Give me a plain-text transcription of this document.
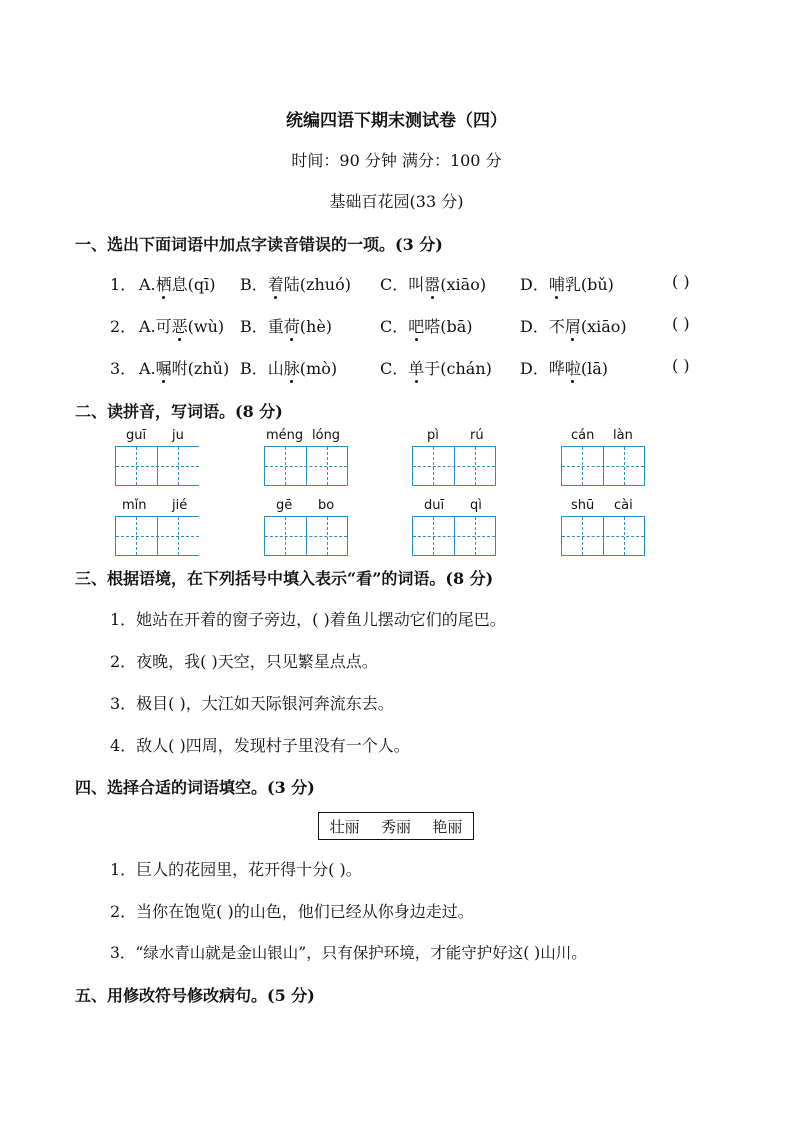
统编四语下期末测试卷（四）
时间：90 分钟 满分：100 分
基础百花园(33 分)
一、选出下面词语中加点字读音错误的一项。(3 分)
1． A.栖息(qī) B．着陆(zhuó) C．叫嚣(xiāo) D．哺乳(bǔ)	( )
2． A.可恶(wù) B．重荷(hè)	C．吧嗒(bā)	D．不屑(xiāo)	( )
3． A.嘱咐(zhǔ) B．山脉(mò)	C．单于(chán) D．哗啦(lā)	( )
二、读拼音，写词语。(8 分)
guī ju	méng lóng	pì rú	cán làn
mǐn jié	gē bo	duī qì	shū cài
三、根据语境，在下列括号中填入表示“看”的词语。(8 分)
1．她站在开着的窗子旁边，( )着鱼儿摆动它们的尾巴。
2．夜晚，我( )天空，只见繁星点点。
3．极目( )，大江如天际银河奔流东去。
4．敌人( )四周，发现村子里没有一个人。
四、选择合适的词语填空。(3 分)
壮丽 秀丽 艳丽
1．巨人的花园里，花开得十分( )。
2．当你在饱览( )的山色，他们已经从你身边走过。
3．“绿水青山就是金山银山”，只有保护环境，才能守护好这( )山川。
五、用修改符号修改病句。(5 分)
